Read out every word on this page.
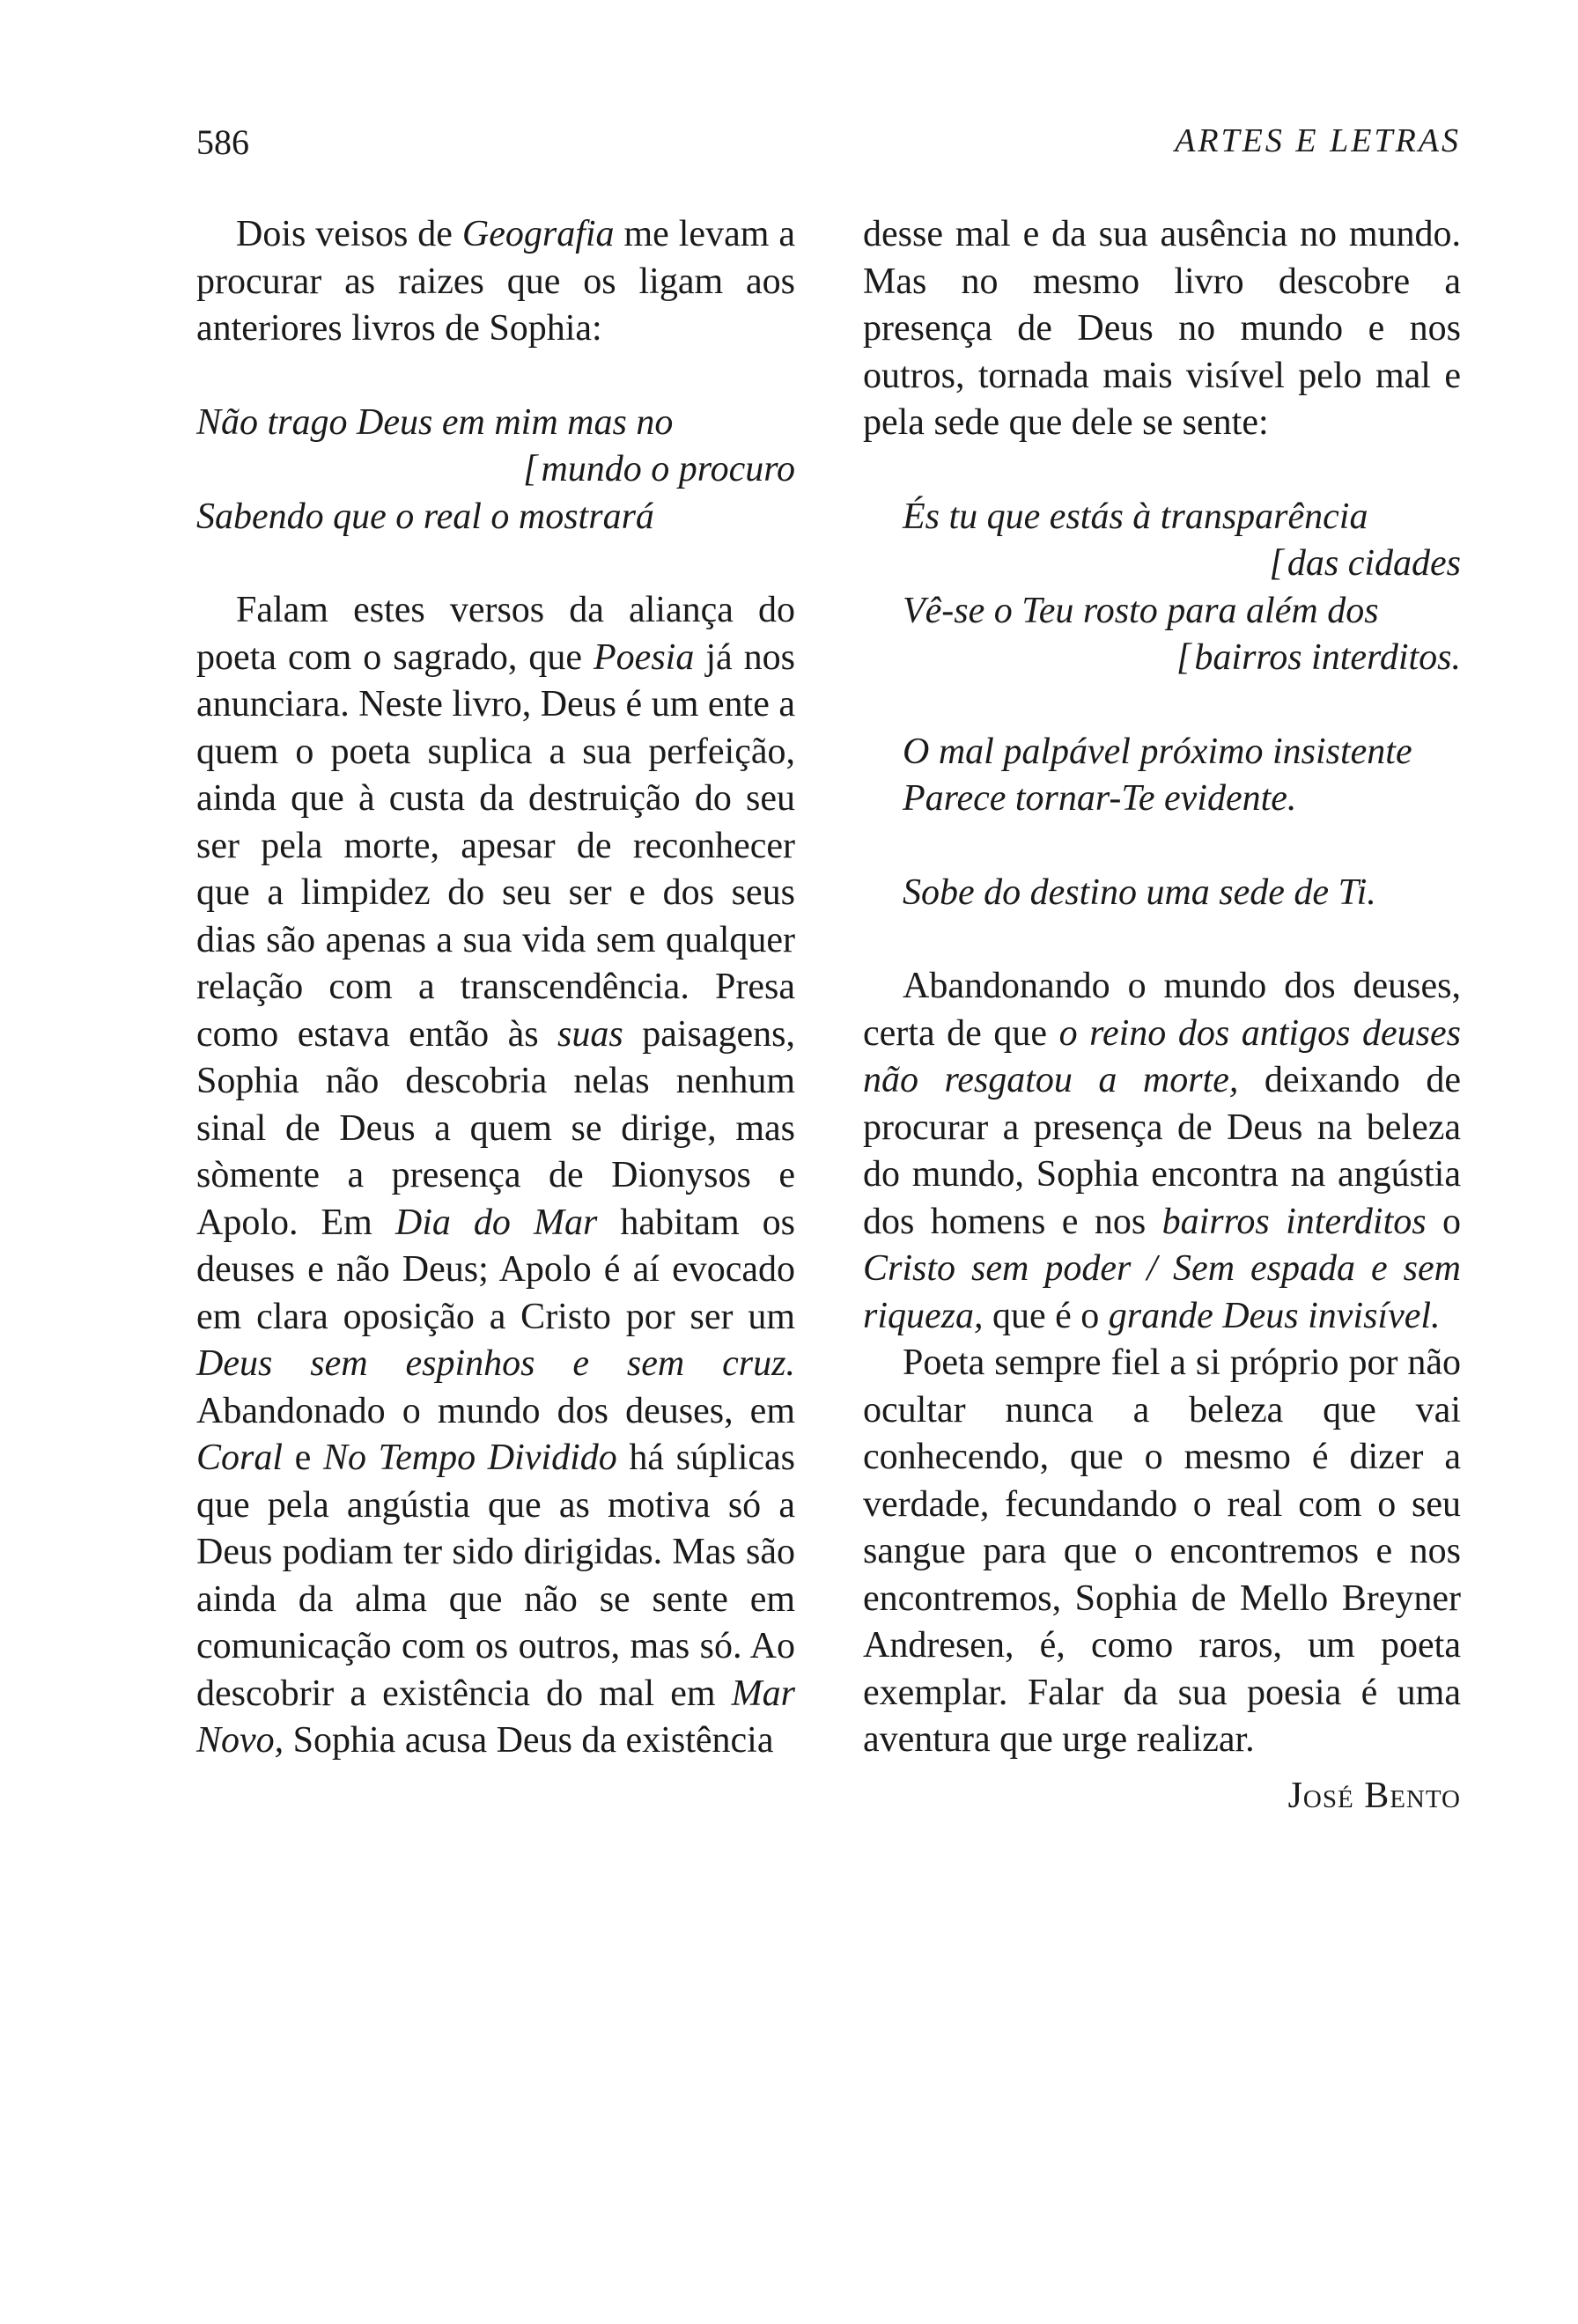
586	ARTES E LETRAS

Dois veisos de Geografia me levam a procurar as raizes que os ligam aos anteriores livros de Sophia:

Não trago Deus em mim mas no
[ mundo o procuro
Sabendo que o real o mostrará

Falam estes versos da aliança do poeta com o sagrado, que Poesia já nos anunciara. Neste livro, Deus é um ente a quem o poeta suplica a sua perfeição, ainda que à custa da destruição do seu ser pela morte, apesar de reconhecer que a limpidez do seu ser e dos seus dias são apenas a sua vida sem qualquer relação com a transcendência. Presa como estava então às suas paisagens, Sophia não descobria nelas nenhum sinal de Deus a quem se dirige, mas sòmente a presença de Dionysos e Apolo. Em Dia do Mar habitam os deuses e não Deus; Apolo é aí evocado em clara oposição a Cristo por ser um Deus sem espinhos e sem cruz. Abandonado o mundo dos deuses, em Coral e No Tempo Dividido há súplicas que pela angústia que as motiva só a Deus podiam ter sido dirigidas. Mas são ainda da alma que não se sente em comunicação com os outros, mas só. Ao descobrir a existência do mal em Mar Novo, Sophia acusa Deus da existência

desse mal e da sua ausência no mundo. Mas no mesmo livro descobre a presença de Deus no mundo e nos outros, tornada mais visível pelo mal e pela sede que dele se sente:

És tu que estás à transparência
[ das cidades
Vê-se o Teu rosto para além dos
[ bairros interditos.
O mal palpável próximo insistente
Parece tornar-Te evidente.
Sobe do destino uma sede de Ti.

Abandonando o mundo dos deuses, certa de que o reino dos antigos deuses não resgatou a morte, deixando de procurar a presença de Deus na beleza do mundo, Sophia encontra na angústia dos homens e nos bairros interditos o Cristo sem poder / Sem espada e sem riqueza, que é o grande Deus invisível.

Poeta sempre fiel a si próprio por não ocultar nunca a beleza que vai conhecendo, que o mesmo é dizer a verdade, fecundando o real com o seu sangue para que o encontremos e nos encontremos, Sophia de Mello Breyner Andresen, é, como raros, um poeta exemplar. Falar da sua poesia é uma aventura que urge realizar.

José Bento
